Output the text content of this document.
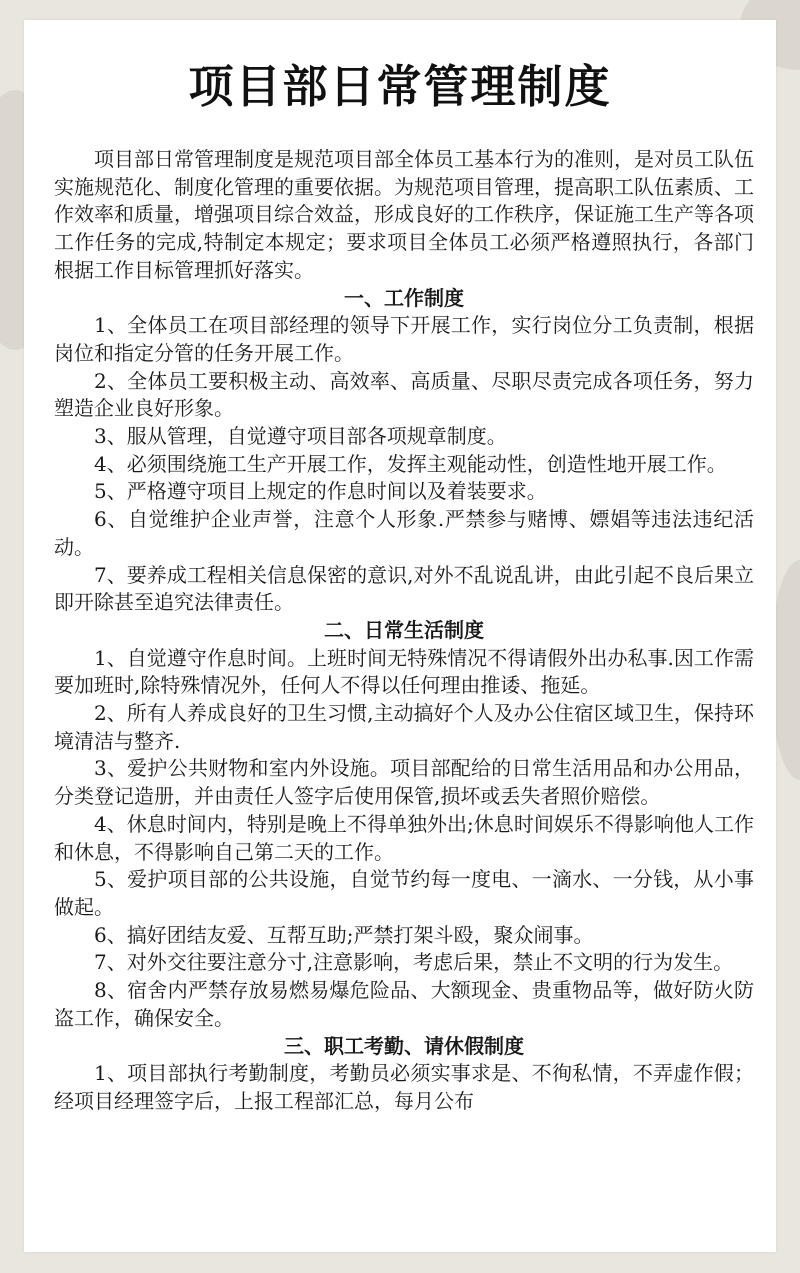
项目部日常管理制度

项目部日常管理制度是规范项目部全体员工基本行为的准则，是对员工队伍实施规范化、制度化管理的重要依据。为规范项目管理，提高职工队伍素质、工作效率和质量，增强项目综合效益，形成良好的工作秩序，保证施工生产等各项工作任务的完成,特制定本规定；要求项目全体员工必须严格遵照执行，各部门根据工作目标管理抓好落实。

一、工作制度

1、全体员工在项目部经理的领导下开展工作，实行岗位分工负责制，根据岗位和指定分管的任务开展工作。

2、全体员工要积极主动、高效率、高质量、尽职尽责完成各项任务，努力塑造企业良好形象。

3、服从管理，自觉遵守项目部各项规章制度。

4、必须围绕施工生产开展工作，发挥主观能动性，创造性地开展工作。

5、严格遵守项目上规定的作息时间以及着装要求。

6、自觉维护企业声誉，注意个人形象.严禁参与赌博、嫖娼等违法违纪活动。

7、要养成工程相关信息保密的意识,对外不乱说乱讲，由此引起不良后果立即开除甚至追究法律责任。

二、日常生活制度

1、自觉遵守作息时间。上班时间无特殊情况不得请假外出办私事.因工作需要加班时,除特殊情况外，任何人不得以任何理由推诿、拖延。

2、所有人养成良好的卫生习惯,主动搞好个人及办公住宿区域卫生，保持环境清洁与整齐.

3、爱护公共财物和室内外设施。项目部配给的日常生活用品和办公用品，分类登记造册，并由责任人签字后使用保管,损坏或丢失者照价赔偿。

4、休息时间内，特别是晚上不得单独外出;休息时间娱乐不得影响他人工作和休息，不得影响自己第二天的工作。

5、爱护项目部的公共设施，自觉节约每一度电、一滴水、一分钱，从小事做起。

6、搞好团结友爱、互帮互助;严禁打架斗殴，聚众闹事。

7、对外交往要注意分寸,注意影响，考虑后果，禁止不文明的行为发生。

8、宿舍内严禁存放易燃易爆危险品、大额现金、贵重物品等，做好防火防盗工作，确保安全。

三、职工考勤、请休假制度

1、项目部执行考勤制度，考勤员必须实事求是、不徇私情，不弄虚作假；经项目经理签字后，上报工程部汇总，每月公布
